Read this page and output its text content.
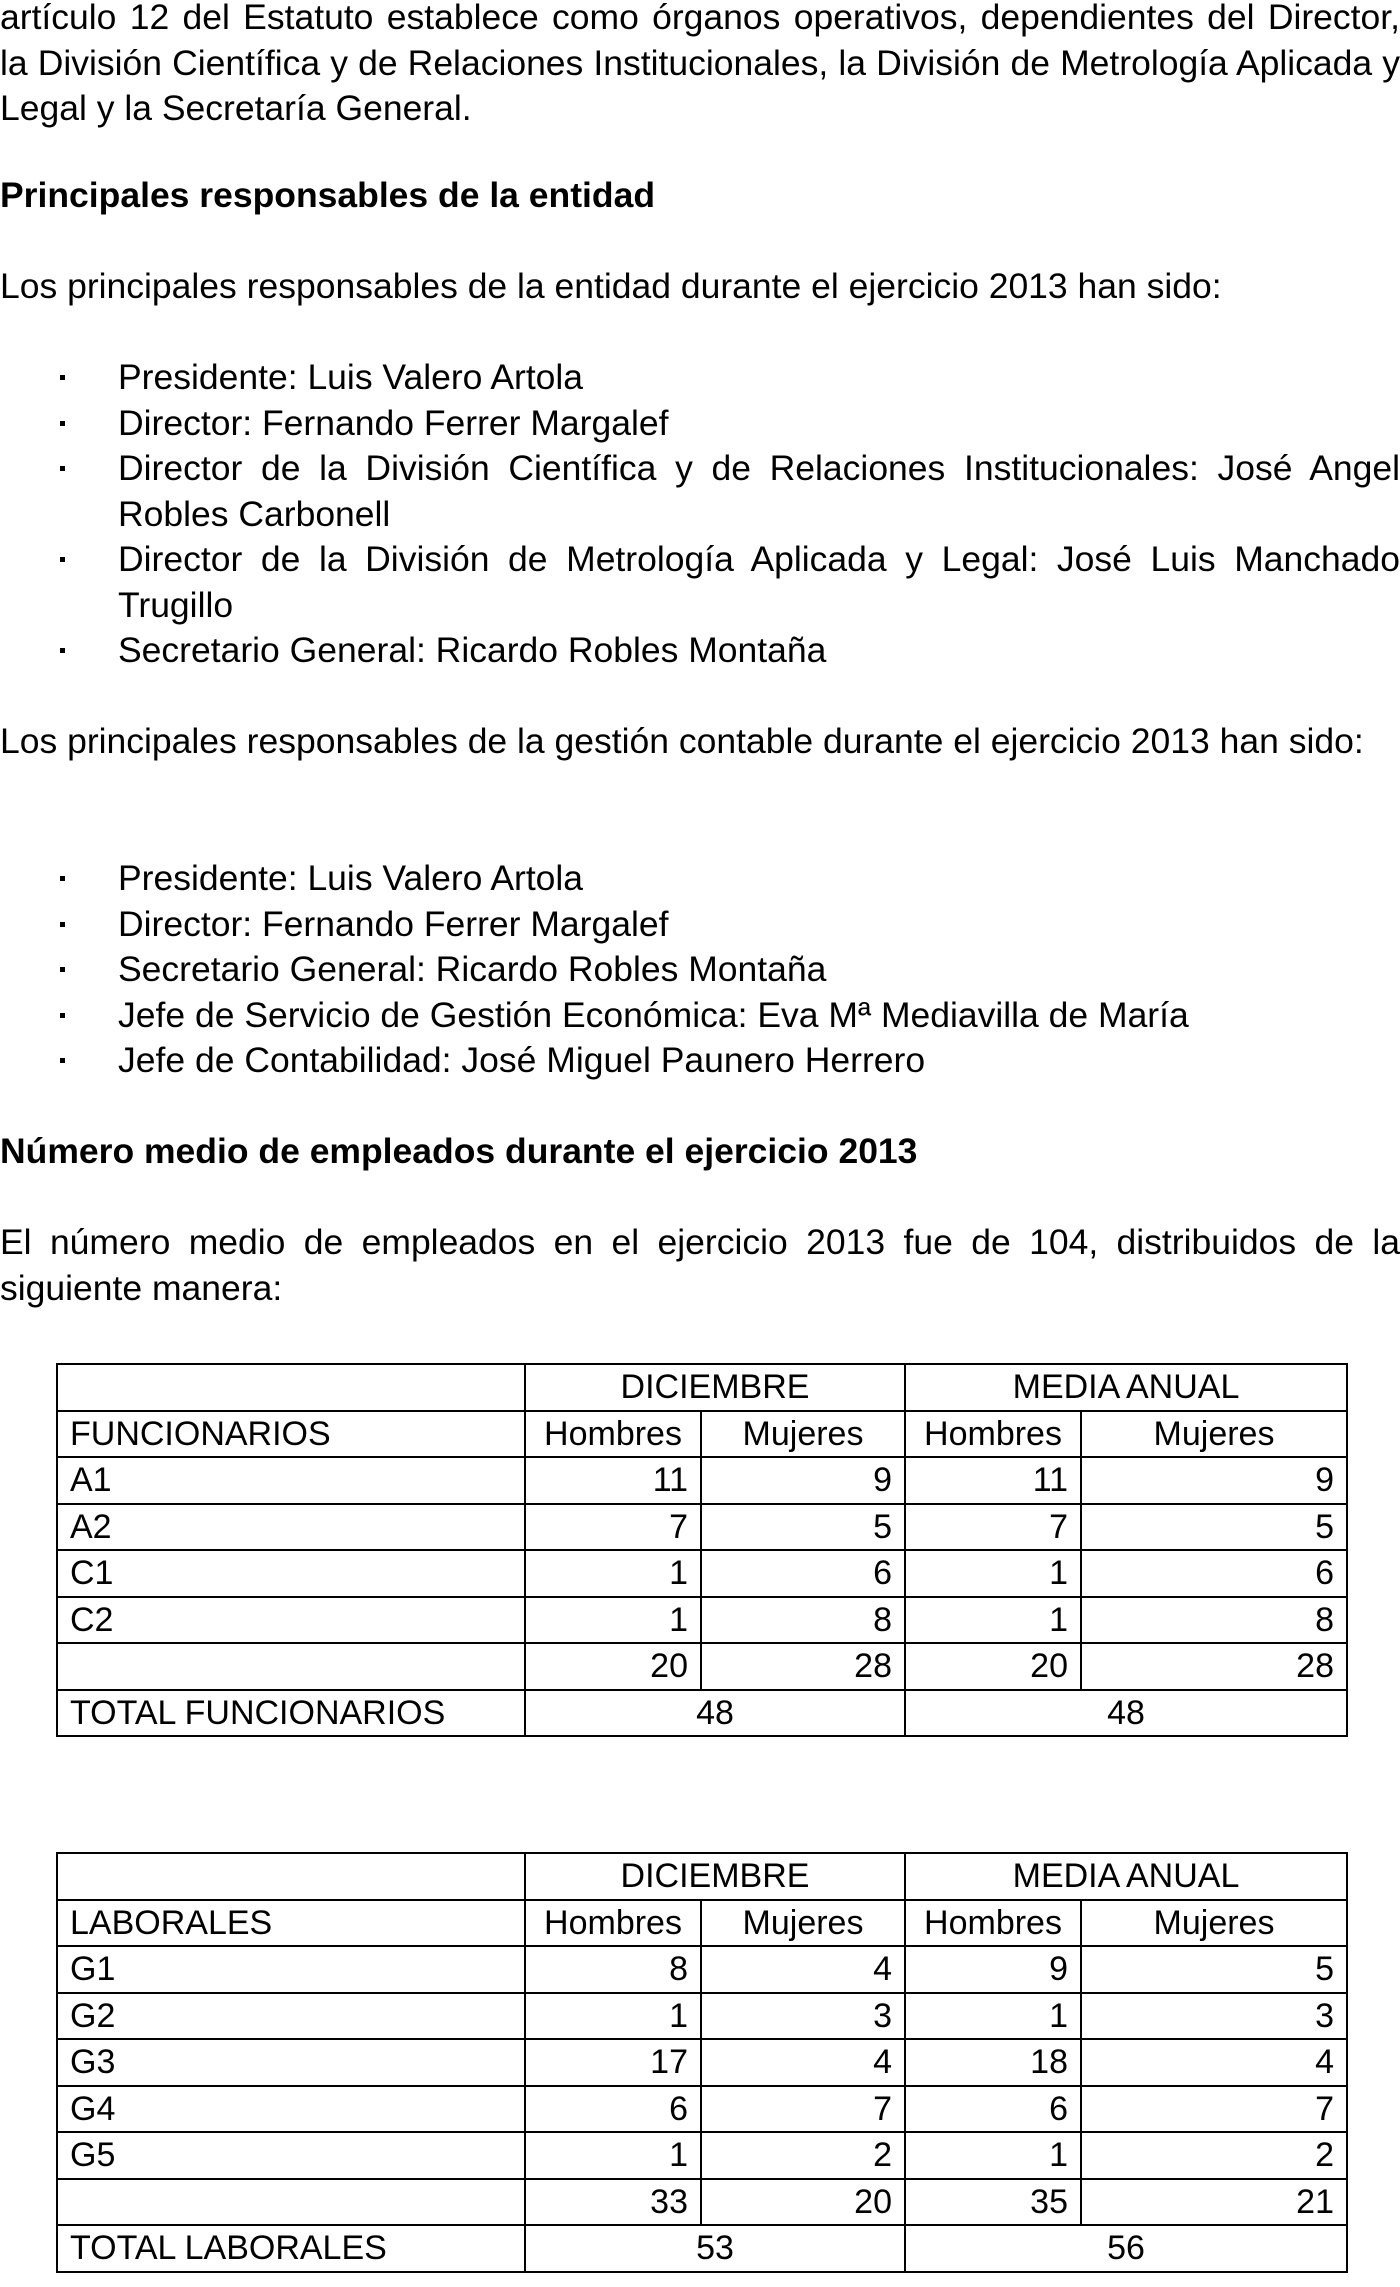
artículo 12 del Estatuto establece como órganos operativos, dependientes del Director, la División Científica y de Relaciones Institucionales, la División de Metrología Aplicada y Legal y la Secretaría General.

Principales responsables de la entidad

Los principales responsables de la entidad durante el ejercicio 2013 han sido:

Presidente: Luis Valero Artola
Director: Fernando Ferrer Margalef
Director de la División Científica y de Relaciones Institucionales: José Angel Robles Carbonell
Director de la División de Metrología Aplicada y Legal: José Luis Manchado Trugillo
Secretario General: Ricardo Robles Montaña

Los principales responsables de la gestión contable durante el ejercicio 2013 han sido:

Presidente: Luis Valero Artola
Director: Fernando Ferrer Margalef
Secretario General: Ricardo Robles Montaña
Jefe de Servicio de Gestión Económica: Eva Mª Mediavilla de María
Jefe de Contabilidad: José Miguel Paunero Herrero
Número medio de empleados durante el ejercicio 2013

El número medio de empleados en el ejercicio 2013 fue de 104, distribuidos de la siguiente manera:

	DICIEMBRE		MEDIA ANUAL	
FUNCIONARIOS	Hombres	Mujeres	Hombres	Mujeres
A1	11	9	11	9
A2	7	5	7	5
C1	1	6	1	6
C2	1	8	1	8
	20	28	20	28
TOTAL FUNCIONARIOS	48		48	
	DICIEMBRE		MEDIA ANUAL	
LABORALES	Hombres	Mujeres	Hombres	Mujeres
G1	8	4	9	5
G2	1	3	1	3
G3	17	4	18	4
G4	6	7	6	7
G5	1	2	1	2
	33	20	35	21
TOTAL LABORALES	53		56	
